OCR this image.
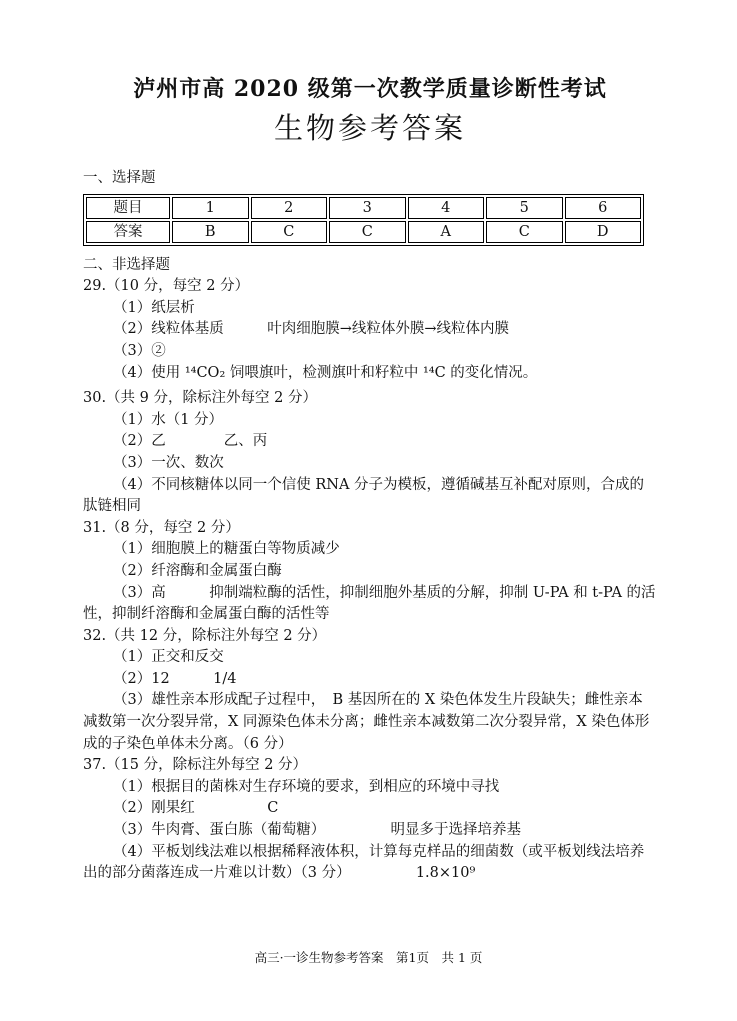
泸州市高 2020 级第一次教学质量诊断性考试
生物参考答案
一、选择题
题目	1	2	3	4	5	6
答案	B	C	C	A	C	D
二、非选择题

29.（10 分，每空 2 分）

（1）纸层析

（2）线粒体基质　　　叶肉细胞膜→线粒体外膜→线粒体内膜

（3）②

（4）使用 ¹⁴CO₂ 饲喂旗叶，检测旗叶和籽粒中 ¹⁴C 的变化情况。

30.（共 9 分，除标注外每空 2 分）

（1）水（1 分）

（2）乙　　　　乙、丙

（3）一次、数次

（4）不同核糖体以同一个信使 RNA 分子为模板，遵循碱基互补配对原则，合成的肽链相同

31.（8 分，每空 2 分）

（1）细胞膜上的糖蛋白等物质减少

（2）纤溶酶和金属蛋白酶

（3）高　　　抑制端粒酶的活性，抑制细胞外基质的分解，抑制 U-PA 和 t-PA 的活性，抑制纤溶酶和金属蛋白酶的活性等

32.（共 12 分，除标注外每空 2 分）

（1）正交和反交

（2）12　　　1/4

（3）雄性亲本形成配子过程中，　B 基因所在的 X 染色体发生片段缺失；雌性亲本减数第一次分裂异常，X 同源染色体未分离；雌性亲本减数第二次分裂异常，X 染色体形成的子染色单体未分离。（6 分）

37.（15 分，除标注外每空 2 分）

（1）根据目的菌株对生存环境的要求，到相应的环境中寻找

（2）刚果红　　　　　C

（3）牛肉膏、蛋白胨（葡萄糖）　　　　　明显多于选择培养基

（4）平板划线法难以根据稀释液体积，计算每克样品的细菌数（或平板划线法培养出的部分菌落连成一片难以计数）（3 分）　　　　　1.8×10⁹

高三·一诊生物参考答案　第1页　共 1 页
